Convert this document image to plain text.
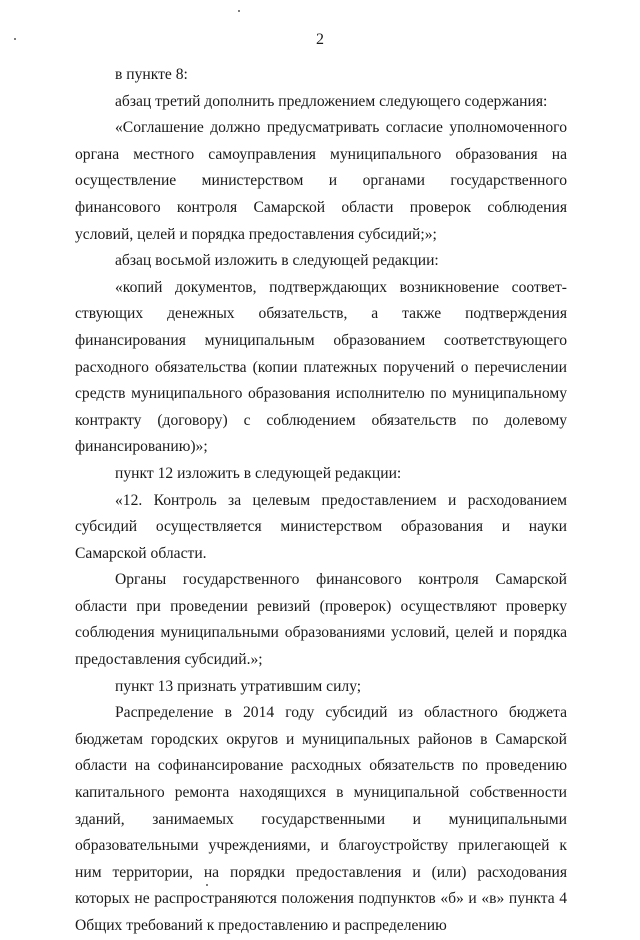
2

в пункте 8:

абзац третий дополнить предложением следующего содержания:

«Соглашение должно предусматривать согласие уполномоченного органа местного самоуправления муниципального образования на осуществление министерством и органами государственного финансового контроля Самарской области проверок соблюдения условий, целей и порядка предоставления субсидий;»;

абзац восьмой изложить в следующей редакции:

«копий документов, подтверждающих возникновение соответствующих денежных обязательств, а также подтверждения финансирования муниципальным образованием соответствующего расходного обязательства (копии платежных поручений о перечислении средств муниципального образования исполнителю по муниципальному контракту (договору) с соблюдением обязательств по долевому финансированию)»;

пункт 12 изложить в следующей редакции:

«12. Контроль за целевым предоставлением и расходованием субсидий осуществляется министерством образования и науки Самарской области.

Органы государственного финансового контроля Самарской области при проведении ревизий (проверок) осуществляют проверку соблюдения муниципальными образованиями условий, целей и порядка предоставления субсидий.»;

пункт 13 признать утратившим силу;

Распределение в 2014 году субсидий из областного бюджета бюджетам городских округов и муниципальных районов в Самарской области на софинансирование расходных обязательств по проведению капитального ремонта находящихся в муниципальной собственности зданий, занимаемых государственными и муниципальными образовательными учреждениями, и благоустройству прилегающей к ним территории, на порядки предоставления и (или) расходования которых не распространяются положения подпунктов «б» и «в» пункта 4 Общих требований к предоставлению и распределению
